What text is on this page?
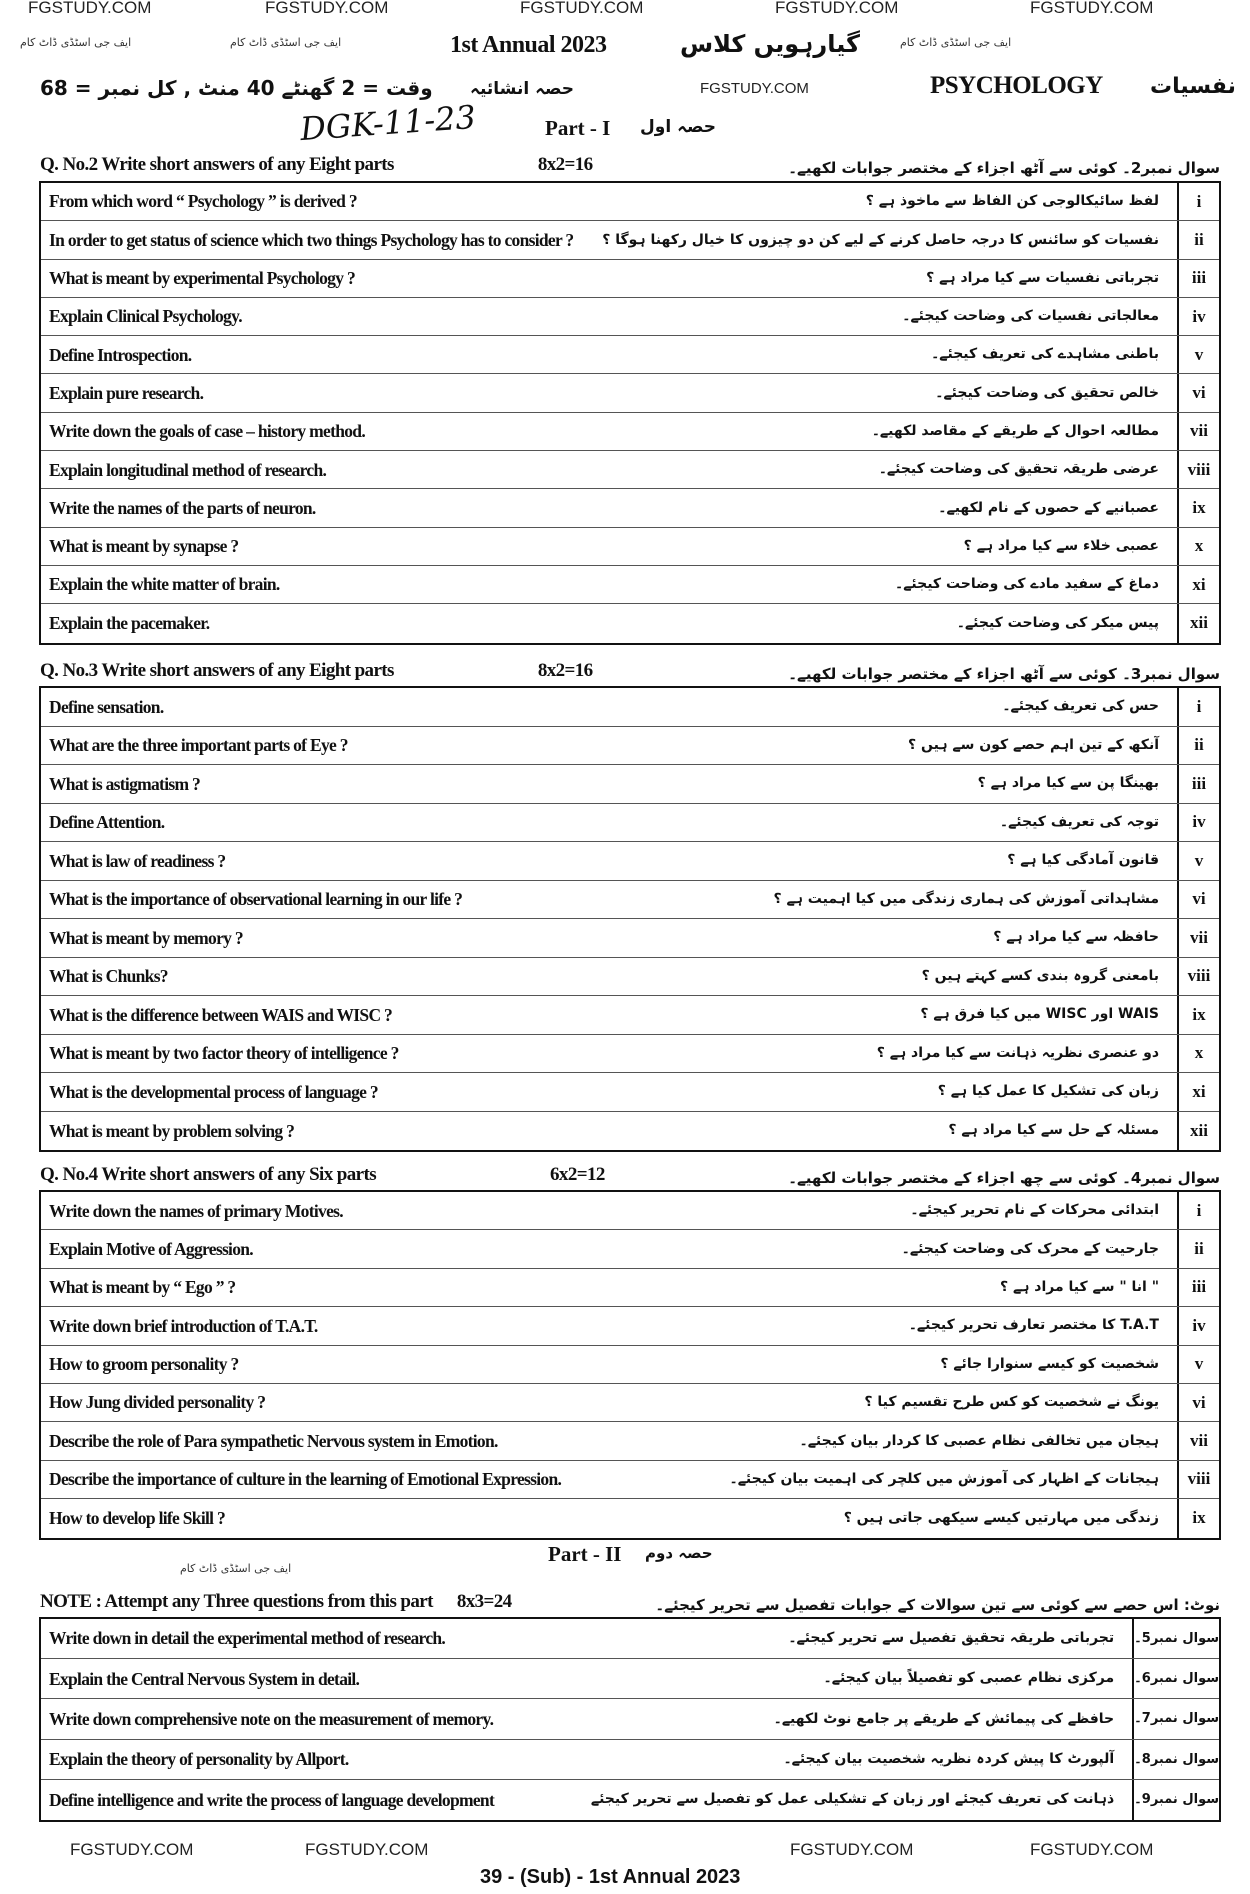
FGSTUDY.COM	FGSTUDY.COM	FGSTUDY.COM	FGSTUDY.COM	FGSTUDY.COM
ایف جی اسٹڈی ڈاٹ کام	ایف جی اسٹڈی ڈاٹ کام	ایف جی اسٹڈی ڈاٹ کام
1st Annual 2023	گیارہویں کلاس
وقت = 2 گھنٹے 40 منٹ , کل نمبر = 68 حصہ انشائیہ	FGSTUDY.COM	PSYCHOLOGY نفسیات
DGK-11-23	Part - I حصہ اول
Q. No.2 Write short answers of any Eight parts	8x2=16	سوال نمبر2۔ کوئی سے آٹھ اجزاء کے مختصر جوابات لکھیے۔
From which word “ Psychology ” is derived ?	لفظ سائیکالوجی کن الفاظ سے ماخوذ ہے ؟	i
In order to get status of science which two things Psychology has to consider ?	نفسیات کو سائنس کا درجہ حاصل کرنے کے لیے کن دو چیزوں کا خیال رکھنا ہوگا ؟	ii
What is meant by experimental Psychology ?	تجرباتی نفسیات سے کیا مراد ہے ؟	iii
Explain Clinical Psychology.	معالجاتی نفسیات کی وضاحت کیجئے۔	iv
Define Introspection.	باطنی مشاہدے کی تعریف کیجئے۔	v
Explain pure research.	خالص تحقیق کی وضاحت کیجئے۔	vi
Write down the goals of case – history method.	مطالعہ احوال کے طریقے کے مقاصد لکھیے۔	vii
Explain longitudinal method of research.	عرضی طریقہ تحقیق کی وضاحت کیجئے۔	viii
Write the names of the parts of neuron.	عصبانیے کے حصوں کے نام لکھیے۔	ix
What is meant by synapse ?	عصبی خلاء سے کیا مراد ہے ؟	x
Explain the white matter of brain.	دماغ کے سفید مادے کی وضاحت کیجئے۔	xi
Explain the pacemaker.	پیس میکر کی وضاحت کیجئے۔	xii
Q. No.3 Write short answers of any Eight parts	8x2=16	سوال نمبر3۔ کوئی سے آٹھ اجزاء کے مختصر جوابات لکھیے۔
Define sensation.	حس کی تعریف کیجئے۔	i
What are the three important parts of Eye ?	آنکھ کے تین اہم حصے کون سے ہیں ؟	ii
What is astigmatism ?	بھینگا پن سے کیا مراد ہے ؟	iii
Define Attention.	توجہ کی تعریف کیجئے۔	iv
What is law of readiness ?	قانون آمادگی کیا ہے ؟	v
What is the importance of observational learning in our life ?	مشاہداتی آموزش کی ہماری زندگی میں کیا اہمیت ہے ؟	vi
What is meant by memory ?	حافظہ سے کیا مراد ہے ؟	vii
What is Chunks?	بامعنی گروہ بندی کسے کہتے ہیں ؟	viii
What is the difference between WAIS and WISC ?	WAIS اور WISC میں کیا فرق ہے ؟	ix
What is meant by two factor theory of intelligence ?	دو عنصری نظریہ ذہانت سے کیا مراد ہے ؟	x
What is the developmental process of language ?	زبان کی تشکیل کا عمل کیا ہے ؟	xi
What is meant by problem solving ?	مسئلہ کے حل سے کیا مراد ہے ؟	xii
Q. No.4 Write short answers of any Six parts	6x2=12	سوال نمبر4۔ کوئی سے چھ اجزاء کے مختصر جوابات لکھیے۔
Write down the names of primary Motives.	ابتدائی محرکات کے نام تحریر کیجئے۔	i
Explain Motive of Aggression.	جارحیت کے محرک کی وضاحت کیجئے۔	ii
What is meant by “ Ego ” ?	" انا " سے کیا مراد ہے ؟	iii
Write down brief introduction of T.A.T.	T.A.T کا مختصر تعارف تحریر کیجئے۔	iv
How to groom personality ?	شخصیت کو کیسے سنوارا جائے ؟	v
How Jung divided personality ?	یونگ نے شخصیت کو کس طرح تقسیم کیا ؟	vi
Describe the role of Para sympathetic Nervous system in Emotion.	ہیجان میں تخالفی نظام عصبی کا کردار بیان کیجئے۔	vii
Describe the importance of culture in the learning of Emotional Expression.	ہیجانات کے اظہار کی آموزش میں کلچر کی اہمیت بیان کیجئے۔	viii
How to develop life Skill ?	زندگی میں مہارتیں کیسے سیکھی جاتی ہیں ؟	ix
Part - II حصہ دوم
ایف جی اسٹڈی ڈاٹ کام
NOTE : Attempt any Three questions from this part 8x3=24	نوٹ: اس حصے سے کوئی سے تین سوالات کے جوابات تفصیل سے تحریر کیجئے۔
Write down in detail the experimental method of research.	تجرباتی طریقہ تحقیق تفصیل سے تحریر کیجئے۔	سوال نمبر5۔
Explain the Central Nervous System in detail.	مرکزی نظام عصبی کو تفصیلاً بیان کیجئے۔	سوال نمبر6۔
Write down comprehensive note on the measurement of memory.	حافظے کی پیمائش کے طریقے پر جامع نوٹ لکھیے۔	سوال نمبر7۔
Explain the theory of personality by Allport.	آلپورٹ کا پیش کردہ نظریہ شخصیت بیان کیجئے۔	سوال نمبر8۔
Define intelligence and write the process of language development	ذہانت کی تعریف کیجئے اور زبان کے تشکیلی عمل کو تفصیل سے تحریر کیجئے	سوال نمبر9۔
FGSTUDY.COM	FGSTUDY.COM	FGSTUDY.COM	FGSTUDY.COM
39 - (Sub) - 1st Annual 2023
